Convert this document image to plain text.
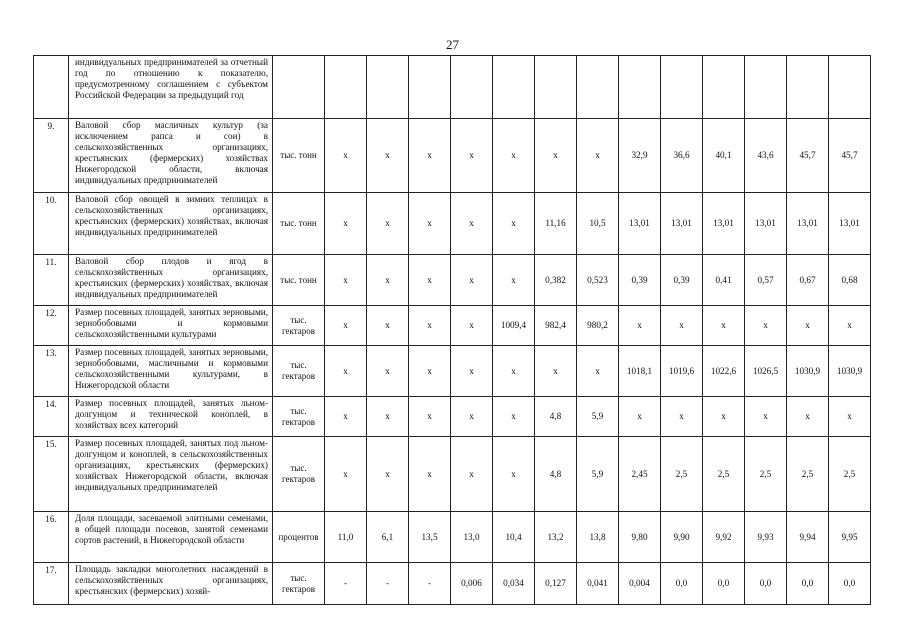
27
	индивидуальных предпринимателей за отчетный год по отношению к показателю, предусмотренному соглашением с субъектом Российской Федерации за предыдущий год														
9.	Валовой сбор масличных культур (за исключением рапса и сои) в сельскохозяйственных организациях, крестьянских (фермерских) хозяйствах Нижегородской области, включая индивидуальных предпринимателей	тыс. тонн	x	x	x	x	x	x	x	32,9	36,6	40,1	43,6	45,7	45,7
10.	Валовой сбор овощей в зимних теплицах в сельскохозяйственных организациях, крестьянских (фермерских) хозяйствах, включая индивидуальных предпринимателей	тыс. тонн	x	x	x	x	x	11,16	10,5	13,01	13,01	13,01	13,01	13,01	13,01
11.	Валовой сбор плодов и ягод в сельскохозяйственных организациях, крестьянских (фермерских) хозяйствах, включая индивидуальных предпринимателей	тыс. тонн	x	x	x	x	x	0,382	0,523	0,39	0,39	0,41	0,57	0,67	0,68
12.	Размер посевных площадей, занятых зерновыми, зернобобовыми и кормовыми сельскохозяйственными культурами	тыс. гектаров	x	x	x	x	1009,4	982,4	980,2	x	x	x	x	x	x
13.	Размер посевных площадей, занятых зерновыми, зернобобовыми, масличными и кормовыми сельскохозяйственными культурами, в Нижегородской области	тыс. гектаров	x	x	x	x	x	x	x	1018,1	1019,6	1022,6	1026,5	1030,9	1030,9
14.	Размер посевных площадей, занятых льном-долгунцом и технической коноплей, в хозяйствах всех категорий	тыс. гектаров	x	x	x	x	x	4,8	5,9	x	x	x	x	x	x
15.	Размер посевных площадей, занятых под льном-долгунцом и коноплей, в сельскохозяйственных организациях, крестьянских (фермерских) хозяйствах Нижегородской области, включая индивидуальных предпринимателей	тыс. гектаров	x	x	x	x	x	4,8	5,9	2,45	2,5	2,5	2,5	2,5	2,5
16.	Доля площади, засеваемой элитными семенами, в общей площади посевов, занятой семенами сортов растений, в Нижегородской области	процентов	11,0	6,1	13,5	13,0	10,4	13,2	13,8	9,80	9,90	9,92	9,93	9,94	9,95
17.	Площадь закладки многолетних насаждений в сельскохозяйственных организациях, крестьянских (фермерских) хозяй-	тыс. гектаров	-	-	-	0,006	0,034	0,127	0,041	0,004	0,0	0,0	0,0	0,0	0,0
